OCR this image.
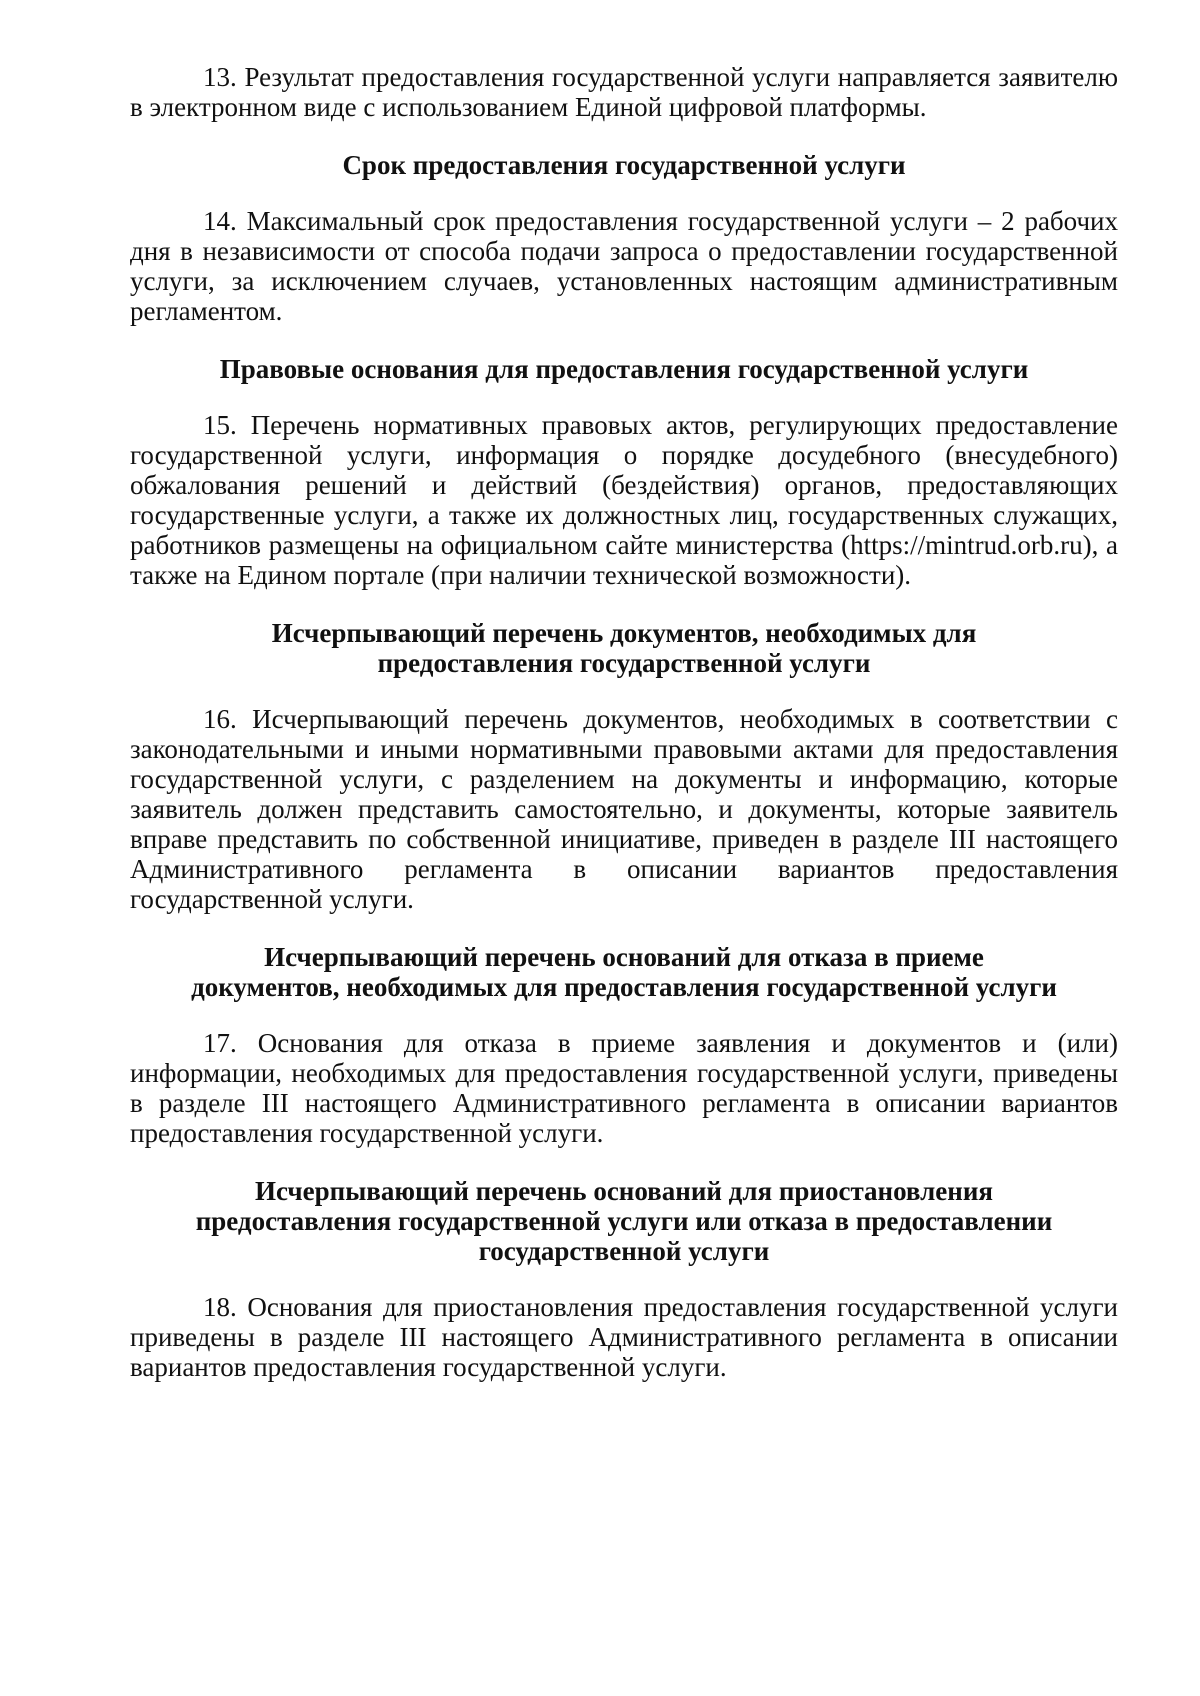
13. Результат предоставления государственной услуги направляется заявителю в электронном виде с использованием Единой цифровой платформы.

Срок предоставления государственной услуги

14. Максимальный срок предоставления государственной услуги – 2 рабочих дня в независимости от способа подачи запроса о предоставлении государственной услуги, за исключением случаев, установленных настоящим административным регламентом.

Правовые основания для предоставления государственной услуги

15. Перечень нормативных правовых актов, регулирующих предоставление государственной услуги, информация о порядке досудебного (внесудебного) обжалования решений и действий (бездействия) органов, предоставляющих государственные услуги, а также их должностных лиц, государственных служащих, работников размещены на официальном сайте министерства (https://mintrud.orb.ru), а также на Едином портале (при наличии технической возможности).

Исчерпывающий перечень документов, необходимых для предоставления государственной услуги

16. Исчерпывающий перечень документов, необходимых в соответствии с законодательными и иными нормативными правовыми актами для предоставления государственной услуги, с разделением на документы и информацию, которые заявитель должен представить самостоятельно, и документы, которые заявитель вправе представить по собственной инициативе, приведен в разделе III настоящего Административного регламента в описании вариантов предоставления государственной услуги.

Исчерпывающий перечень оснований для отказа в приеме документов, необходимых для предоставления государственной услуги

17. Основания для отказа в приеме заявления и документов и (или) информации, необходимых для предоставления государственной услуги, приведены в разделе III настоящего Административного регламента в описании вариантов предоставления государственной услуги.

Исчерпывающий перечень оснований для приостановления предоставления государственной услуги или отказа в предоставлении государственной услуги

18. Основания для приостановления предоставления государственной услуги приведены в разделе III настоящего Административного регламента в описании вариантов предоставления государственной услуги.
